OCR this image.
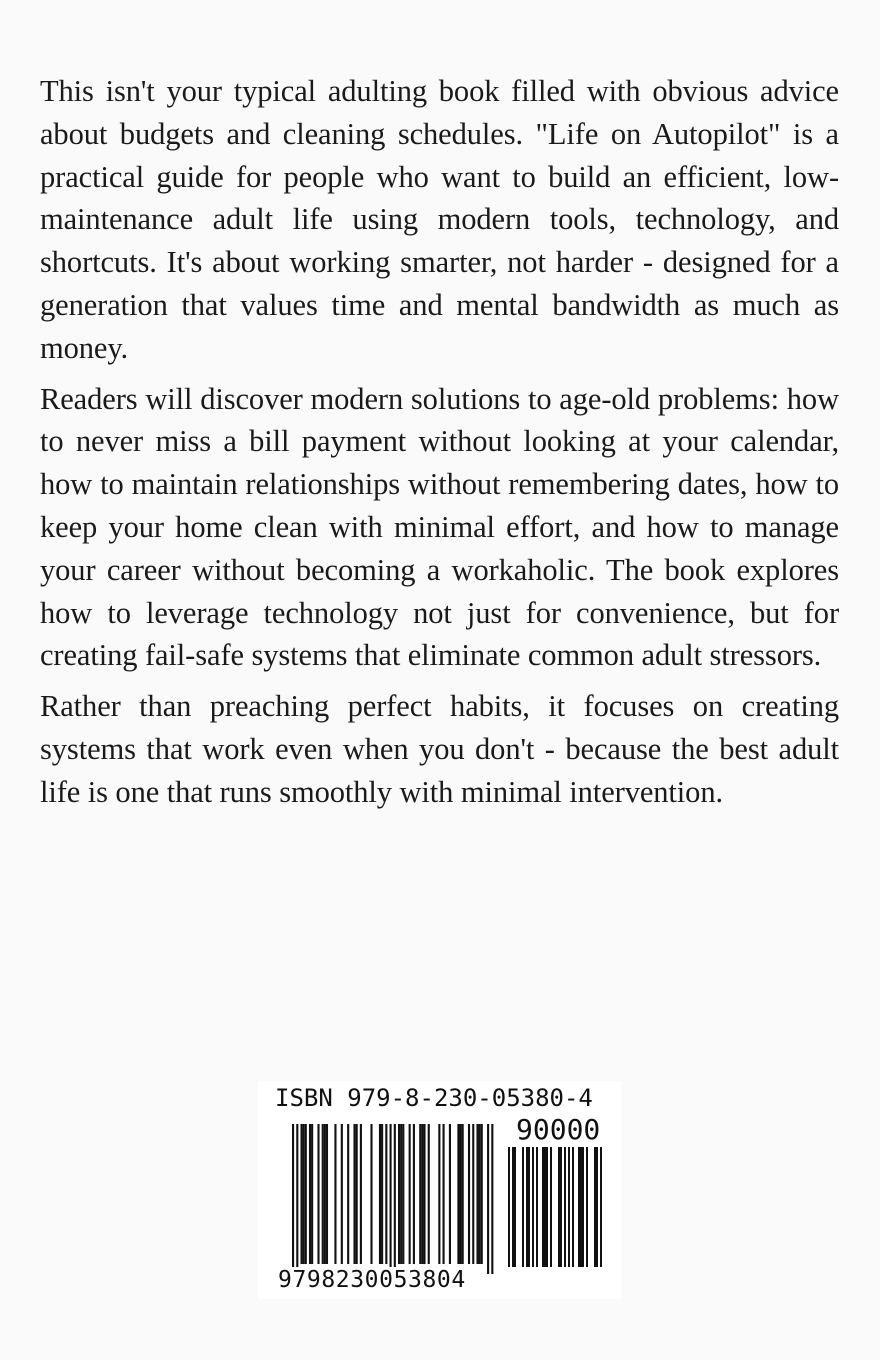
This isn't your typical adulting book filled with obvious advice about budgets and cleaning schedules. "Life on Autopilot" is a practical guide for people who want to build an efficient, low-maintenance adult life using modern tools, technology, and shortcuts. It's about working smarter, not harder - designed for a generation that values time and mental bandwidth as much as money.

Readers will discover modern solutions to age-old problems: how to never miss a bill payment without looking at your calendar, how to maintain relationships without remembering dates, how to keep your home clean with minimal effort, and how to manage your career without becoming a workaholic. The book explores how to leverage technology not just for convenience, but for creating fail-safe systems that eliminate common adult stressors.

Rather than preaching perfect habits, it focuses on creating systems that work even when you don't - because the best adult life is one that runs smoothly with minimal intervention.

ISBN 979-8-230-05380-4
90000
9798230053804
